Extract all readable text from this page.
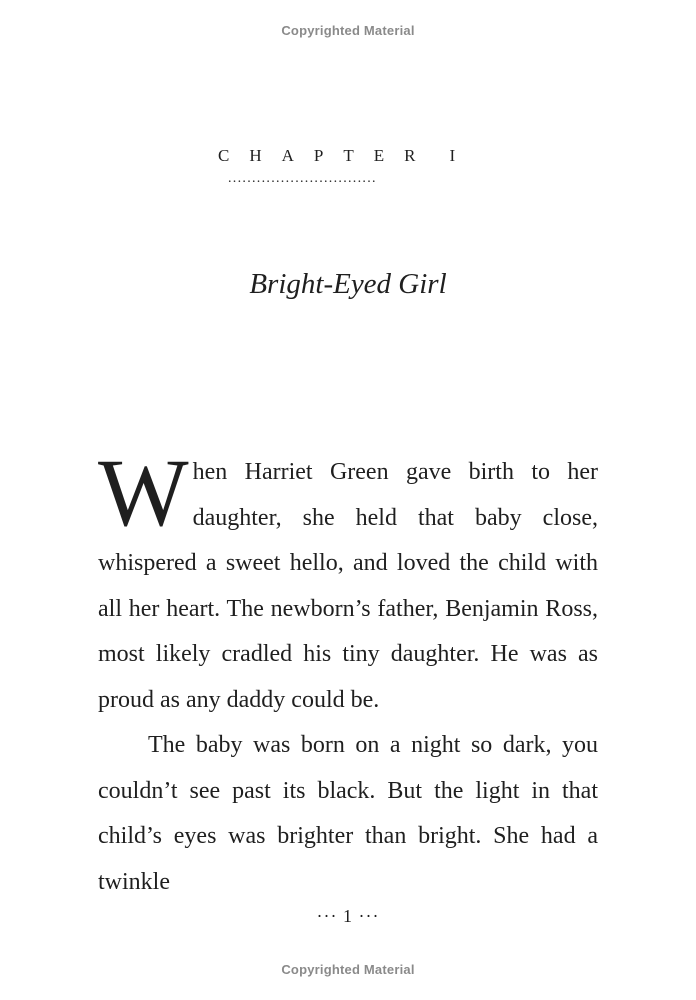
Copyrighted Material
CHAPTER I
...............................
Bright-Eyed Girl

When Harriet Green gave birth to her daughter, she held that baby close, whispered a sweet hello, and loved the child with all her heart. The newborn’s father, Benjamin Ross, most likely cradled his tiny daughter. He was as proud as any daddy could be.

The baby was born on a night so dark, you couldn’t see past its black. But the light in that child’s eyes was brighter than bright. She had a twinkle

··· 1 ···
Copyrighted Material
